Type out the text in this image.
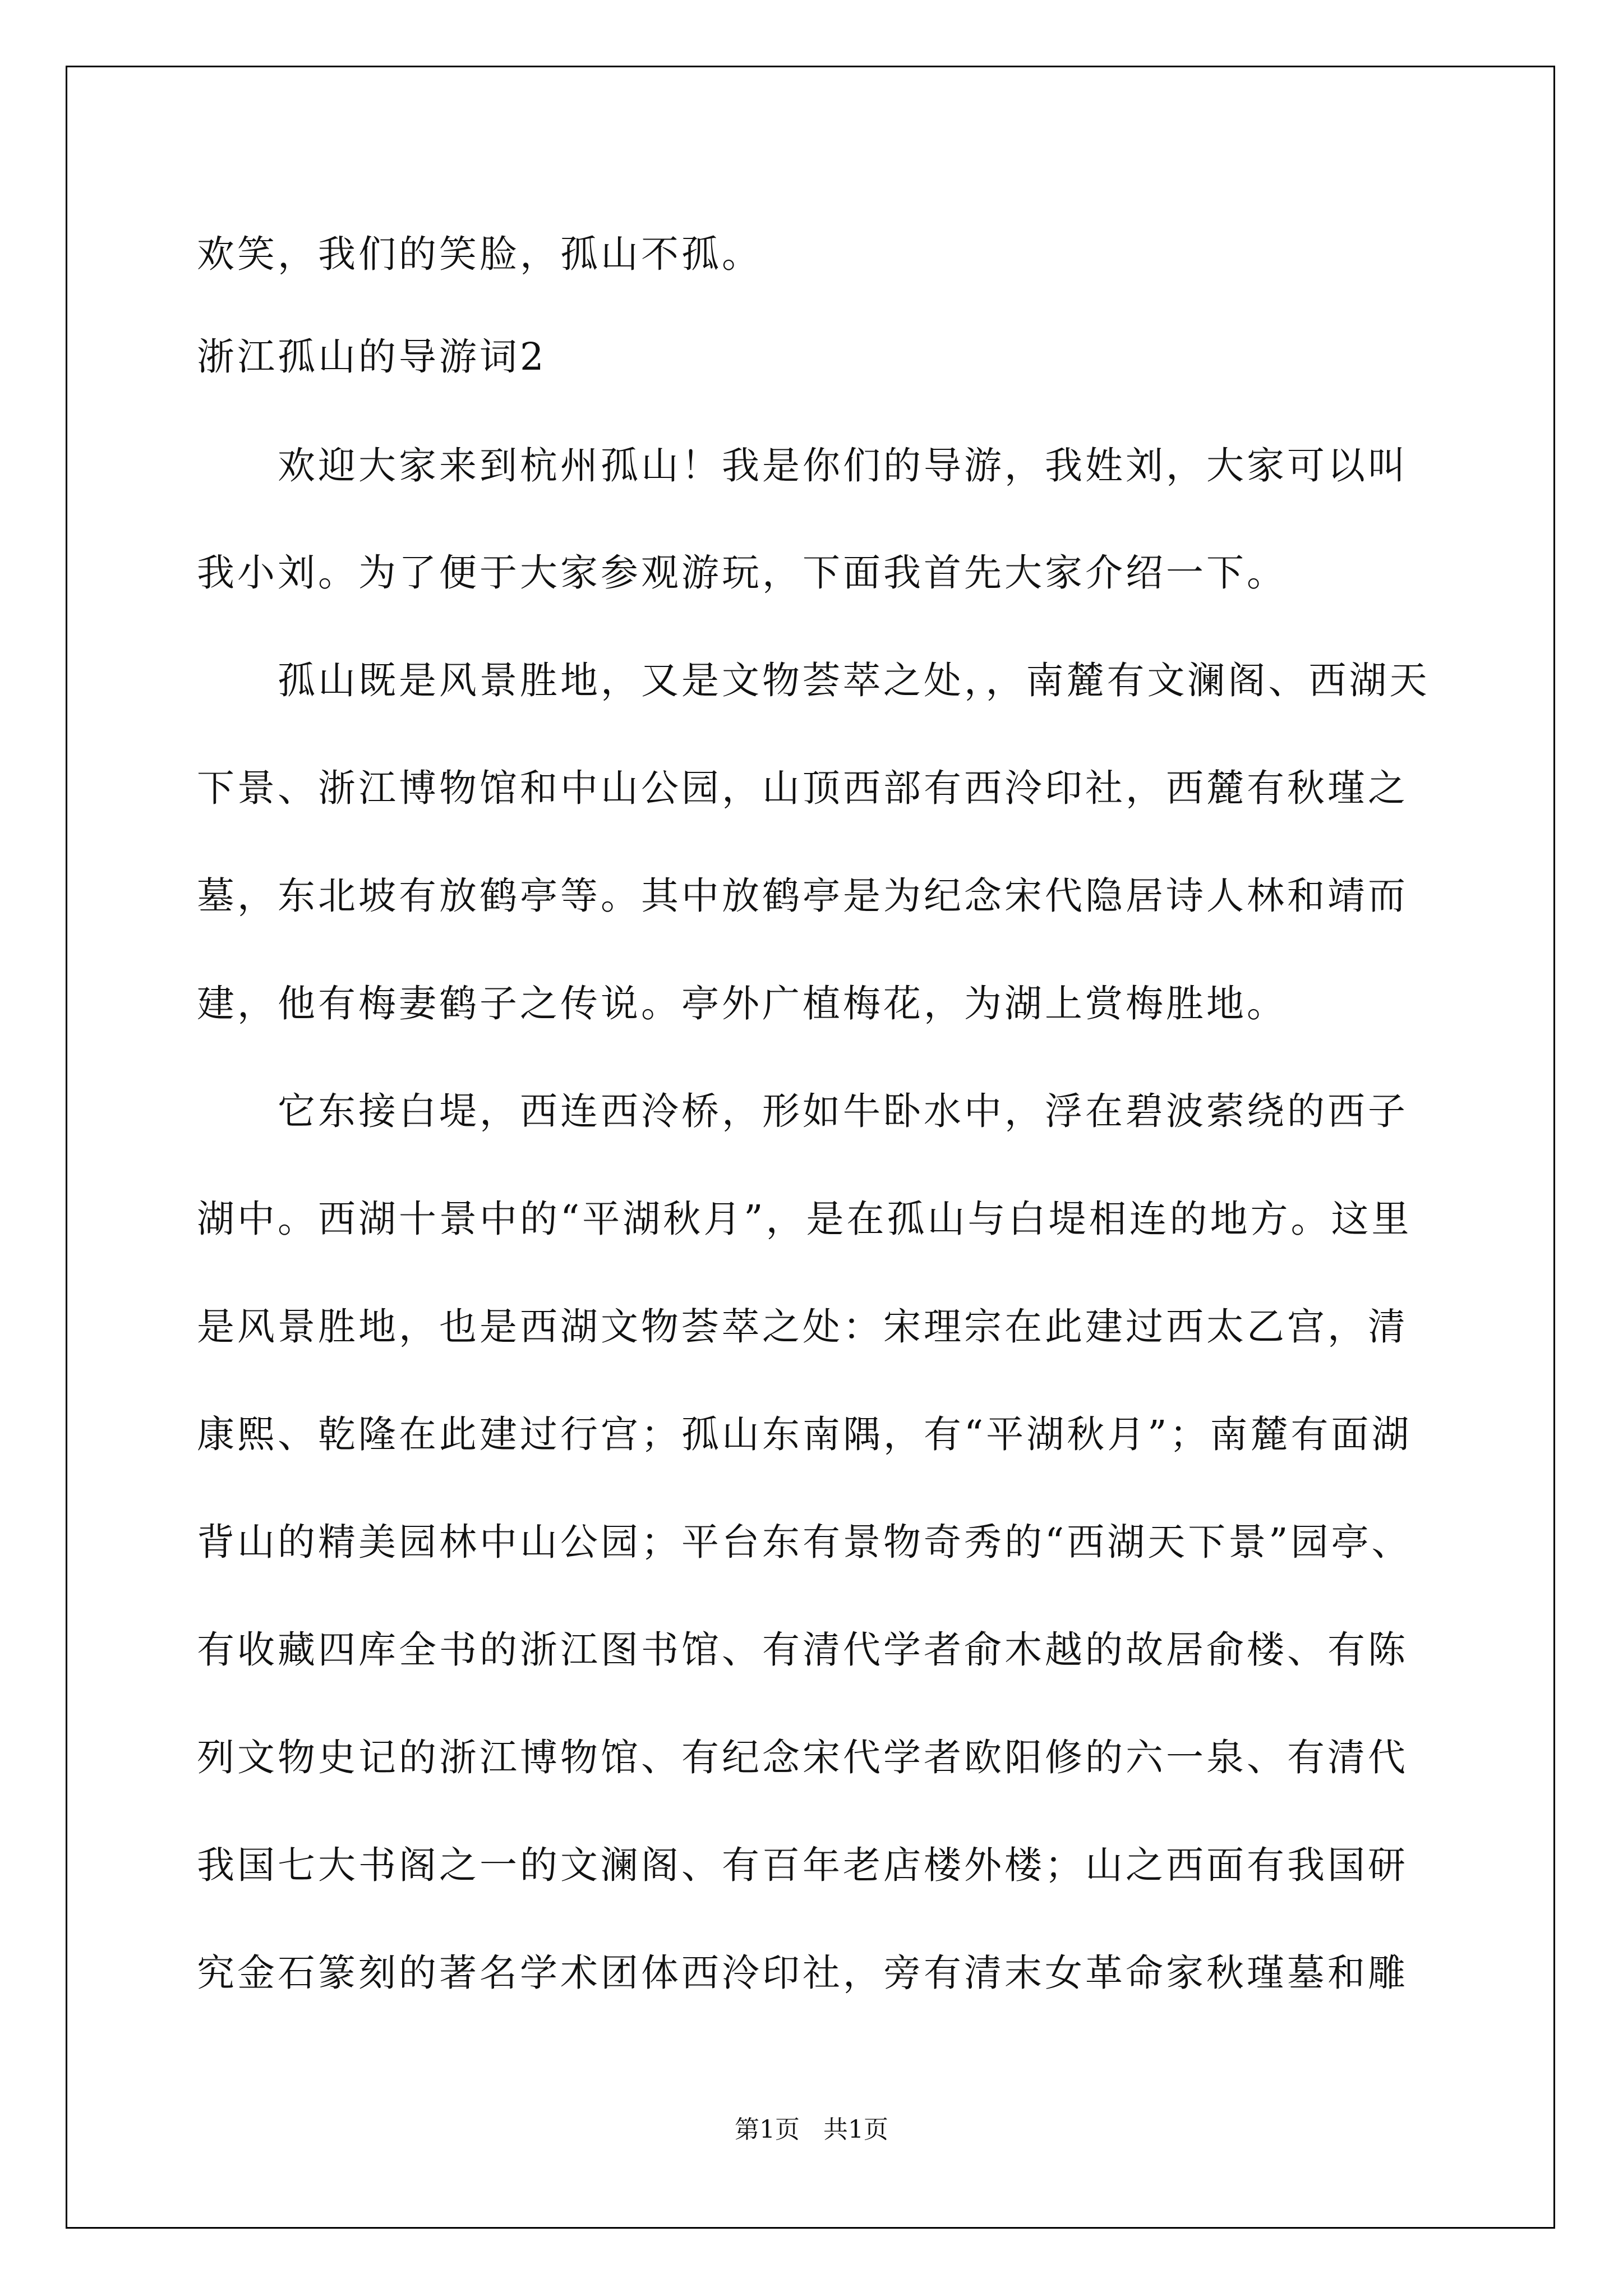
欢笑，我们的笑脸，孤山不孤。
浙江孤山的导游词2
　　欢迎大家来到杭州孤山！我是你们的导游，我姓刘，大家可以叫
我小刘。为了便于大家参观游玩，下面我首先大家介绍一下。
　　孤山既是风景胜地，又是文物荟萃之处，，南麓有文澜阁、西湖天
下景、浙江博物馆和中山公园，山顶西部有西泠印社，西麓有秋瑾之
墓，东北坡有放鹤亭等。其中放鹤亭是为纪念宋代隐居诗人林和靖而
建，他有梅妻鹤子之传说。亭外广植梅花，为湖上赏梅胜地。
　　它东接白堤，西连西泠桥，形如牛卧水中，浮在碧波萦绕的西子
湖中。西湖十景中的“平湖秋月”，是在孤山与白堤相连的地方。这里
是风景胜地，也是西湖文物荟萃之处：宋理宗在此建过西太乙宫，清
康熙、乾隆在此建过行宫；孤山东南隅，有“平湖秋月”；南麓有面湖
背山的精美园林中山公园；平台东有景物奇秀的“西湖天下景”园亭、
有收藏四库全书的浙江图书馆、有清代学者俞木越的故居俞楼、有陈
列文物史记的浙江博物馆、有纪念宋代学者欧阳修的六一泉、有清代
我国七大书阁之一的文澜阁、有百年老店楼外楼；山之西面有我国研
究金石篆刻的著名学术团体西泠印社，旁有清末女革命家秋瑾墓和雕
第1页 共1页
